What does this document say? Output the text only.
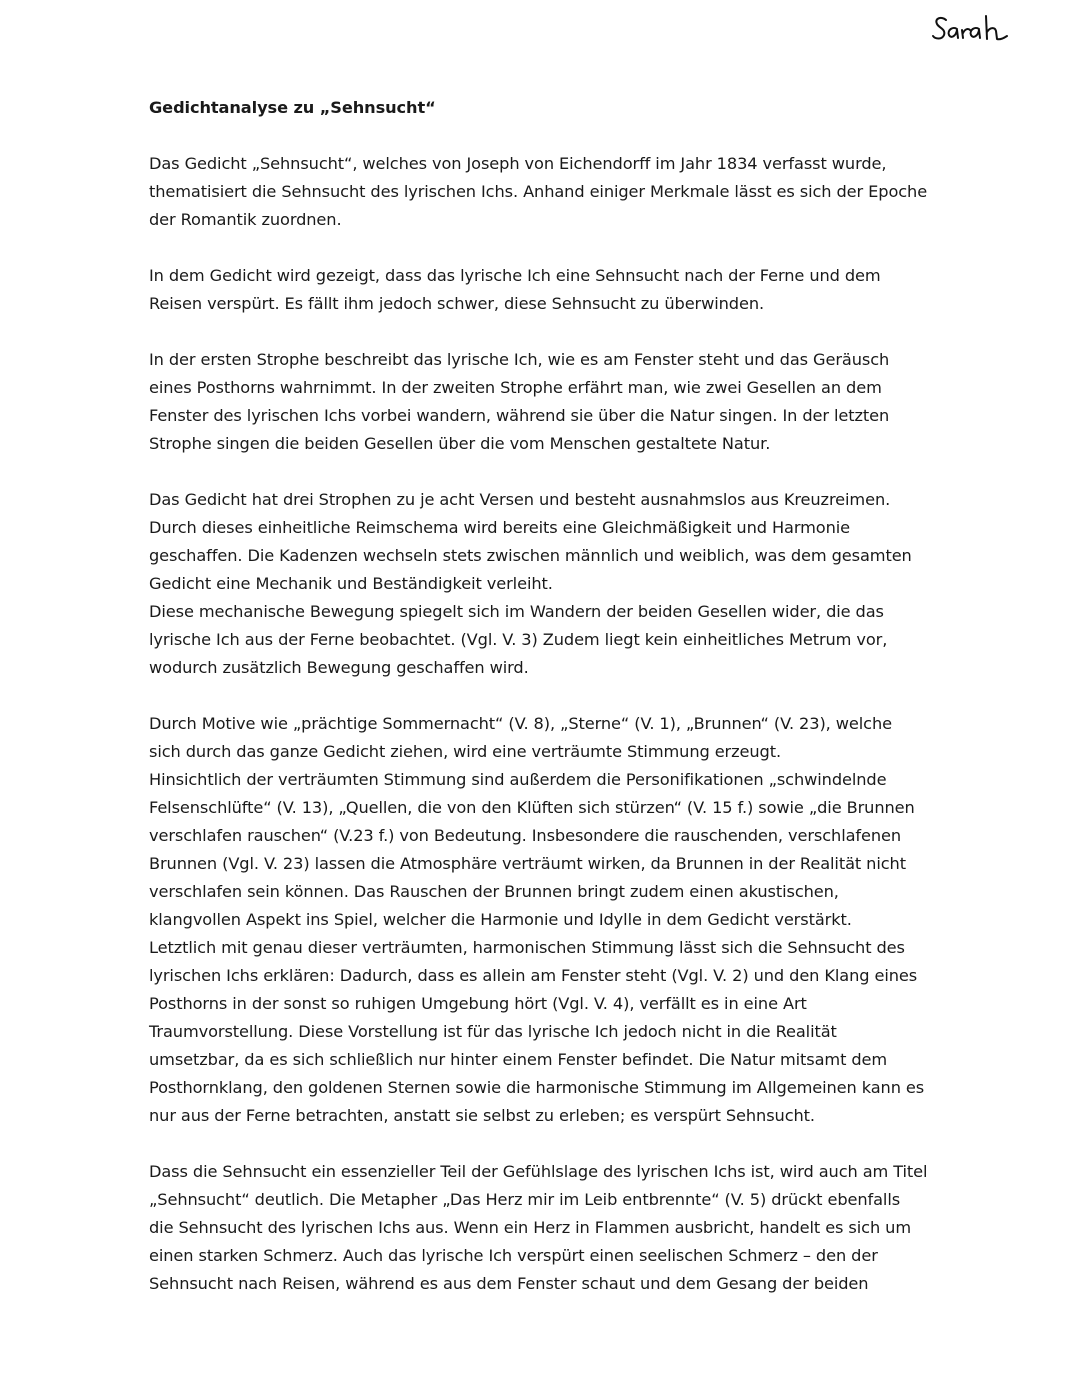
Gedichtanalyse zu „Sehnsucht“
Das Gedicht „Sehnsucht“, welches von Joseph von Eichendorff im Jahr 1834 verfasst wurde,
thematisiert die Sehnsucht des lyrischen Ichs. Anhand einiger Merkmale lässt es sich der Epoche
der Romantik zuordnen.
In dem Gedicht wird gezeigt, dass das lyrische Ich eine Sehnsucht nach der Ferne und dem
Reisen verspürt. Es fällt ihm jedoch schwer, diese Sehnsucht zu überwinden.
In der ersten Strophe beschreibt das lyrische Ich, wie es am Fenster steht und das Geräusch
eines Posthorns wahrnimmt. In der zweiten Strophe erfährt man, wie zwei Gesellen an dem
Fenster des lyrischen Ichs vorbei wandern, während sie über die Natur singen. In der letzten
Strophe singen die beiden Gesellen über die vom Menschen gestaltete Natur.
Das Gedicht hat drei Strophen zu je acht Versen und besteht ausnahmslos aus Kreuzreimen.
Durch dieses einheitliche Reimschema wird bereits eine Gleichmäßigkeit und Harmonie
geschaffen. Die Kadenzen wechseln stets zwischen männlich und weiblich, was dem gesamten
Gedicht eine Mechanik und Beständigkeit verleiht.
Diese mechanische Bewegung spiegelt sich im Wandern der beiden Gesellen wider, die das
lyrische Ich aus der Ferne beobachtet. (Vgl. V. 3) Zudem liegt kein einheitliches Metrum vor,
wodurch zusätzlich Bewegung geschaffen wird.
Durch Motive wie „prächtige Sommernacht“ (V. 8), „Sterne“ (V. 1), „Brunnen“ (V. 23), welche
sich durch das ganze Gedicht ziehen, wird eine verträumte Stimmung erzeugt.
Hinsichtlich der verträumten Stimmung sind außerdem die Personifikationen „schwindelnde
Felsenschlüfte“ (V. 13), „Quellen, die von den Klüften sich stürzen“ (V. 15 f.) sowie „die Brunnen
verschlafen rauschen“ (V.23 f.) von Bedeutung. Insbesondere die rauschenden, verschlafenen
Brunnen (Vgl. V. 23) lassen die Atmosphäre verträumt wirken, da Brunnen in der Realität nicht
verschlafen sein können. Das Rauschen der Brunnen bringt zudem einen akustischen,
klangvollen Aspekt ins Spiel, welcher die Harmonie und Idylle in dem Gedicht verstärkt.
Letztlich mit genau dieser verträumten, harmonischen Stimmung lässt sich die Sehnsucht des
lyrischen Ichs erklären: Dadurch, dass es allein am Fenster steht (Vgl. V. 2) und den Klang eines
Posthorns in der sonst so ruhigen Umgebung hört (Vgl. V. 4), verfällt es in eine Art
Traumvorstellung. Diese Vorstellung ist für das lyrische Ich jedoch nicht in die Realität
umsetzbar, da es sich schließlich nur hinter einem Fenster befindet. Die Natur mitsamt dem
Posthornklang, den goldenen Sternen sowie die harmonische Stimmung im Allgemeinen kann es
nur aus der Ferne betrachten, anstatt sie selbst zu erleben; es verspürt Sehnsucht.
Dass die Sehnsucht ein essenzieller Teil der Gefühlslage des lyrischen Ichs ist, wird auch am Titel
„Sehnsucht“ deutlich. Die Metapher „Das Herz mir im Leib entbrennte“ (V. 5) drückt ebenfalls
die Sehnsucht des lyrischen Ichs aus. Wenn ein Herz in Flammen ausbricht, handelt es sich um
einen starken Schmerz. Auch das lyrische Ich verspürt einen seelischen Schmerz – den der
Sehnsucht nach Reisen, während es aus dem Fenster schaut und dem Gesang der beiden
